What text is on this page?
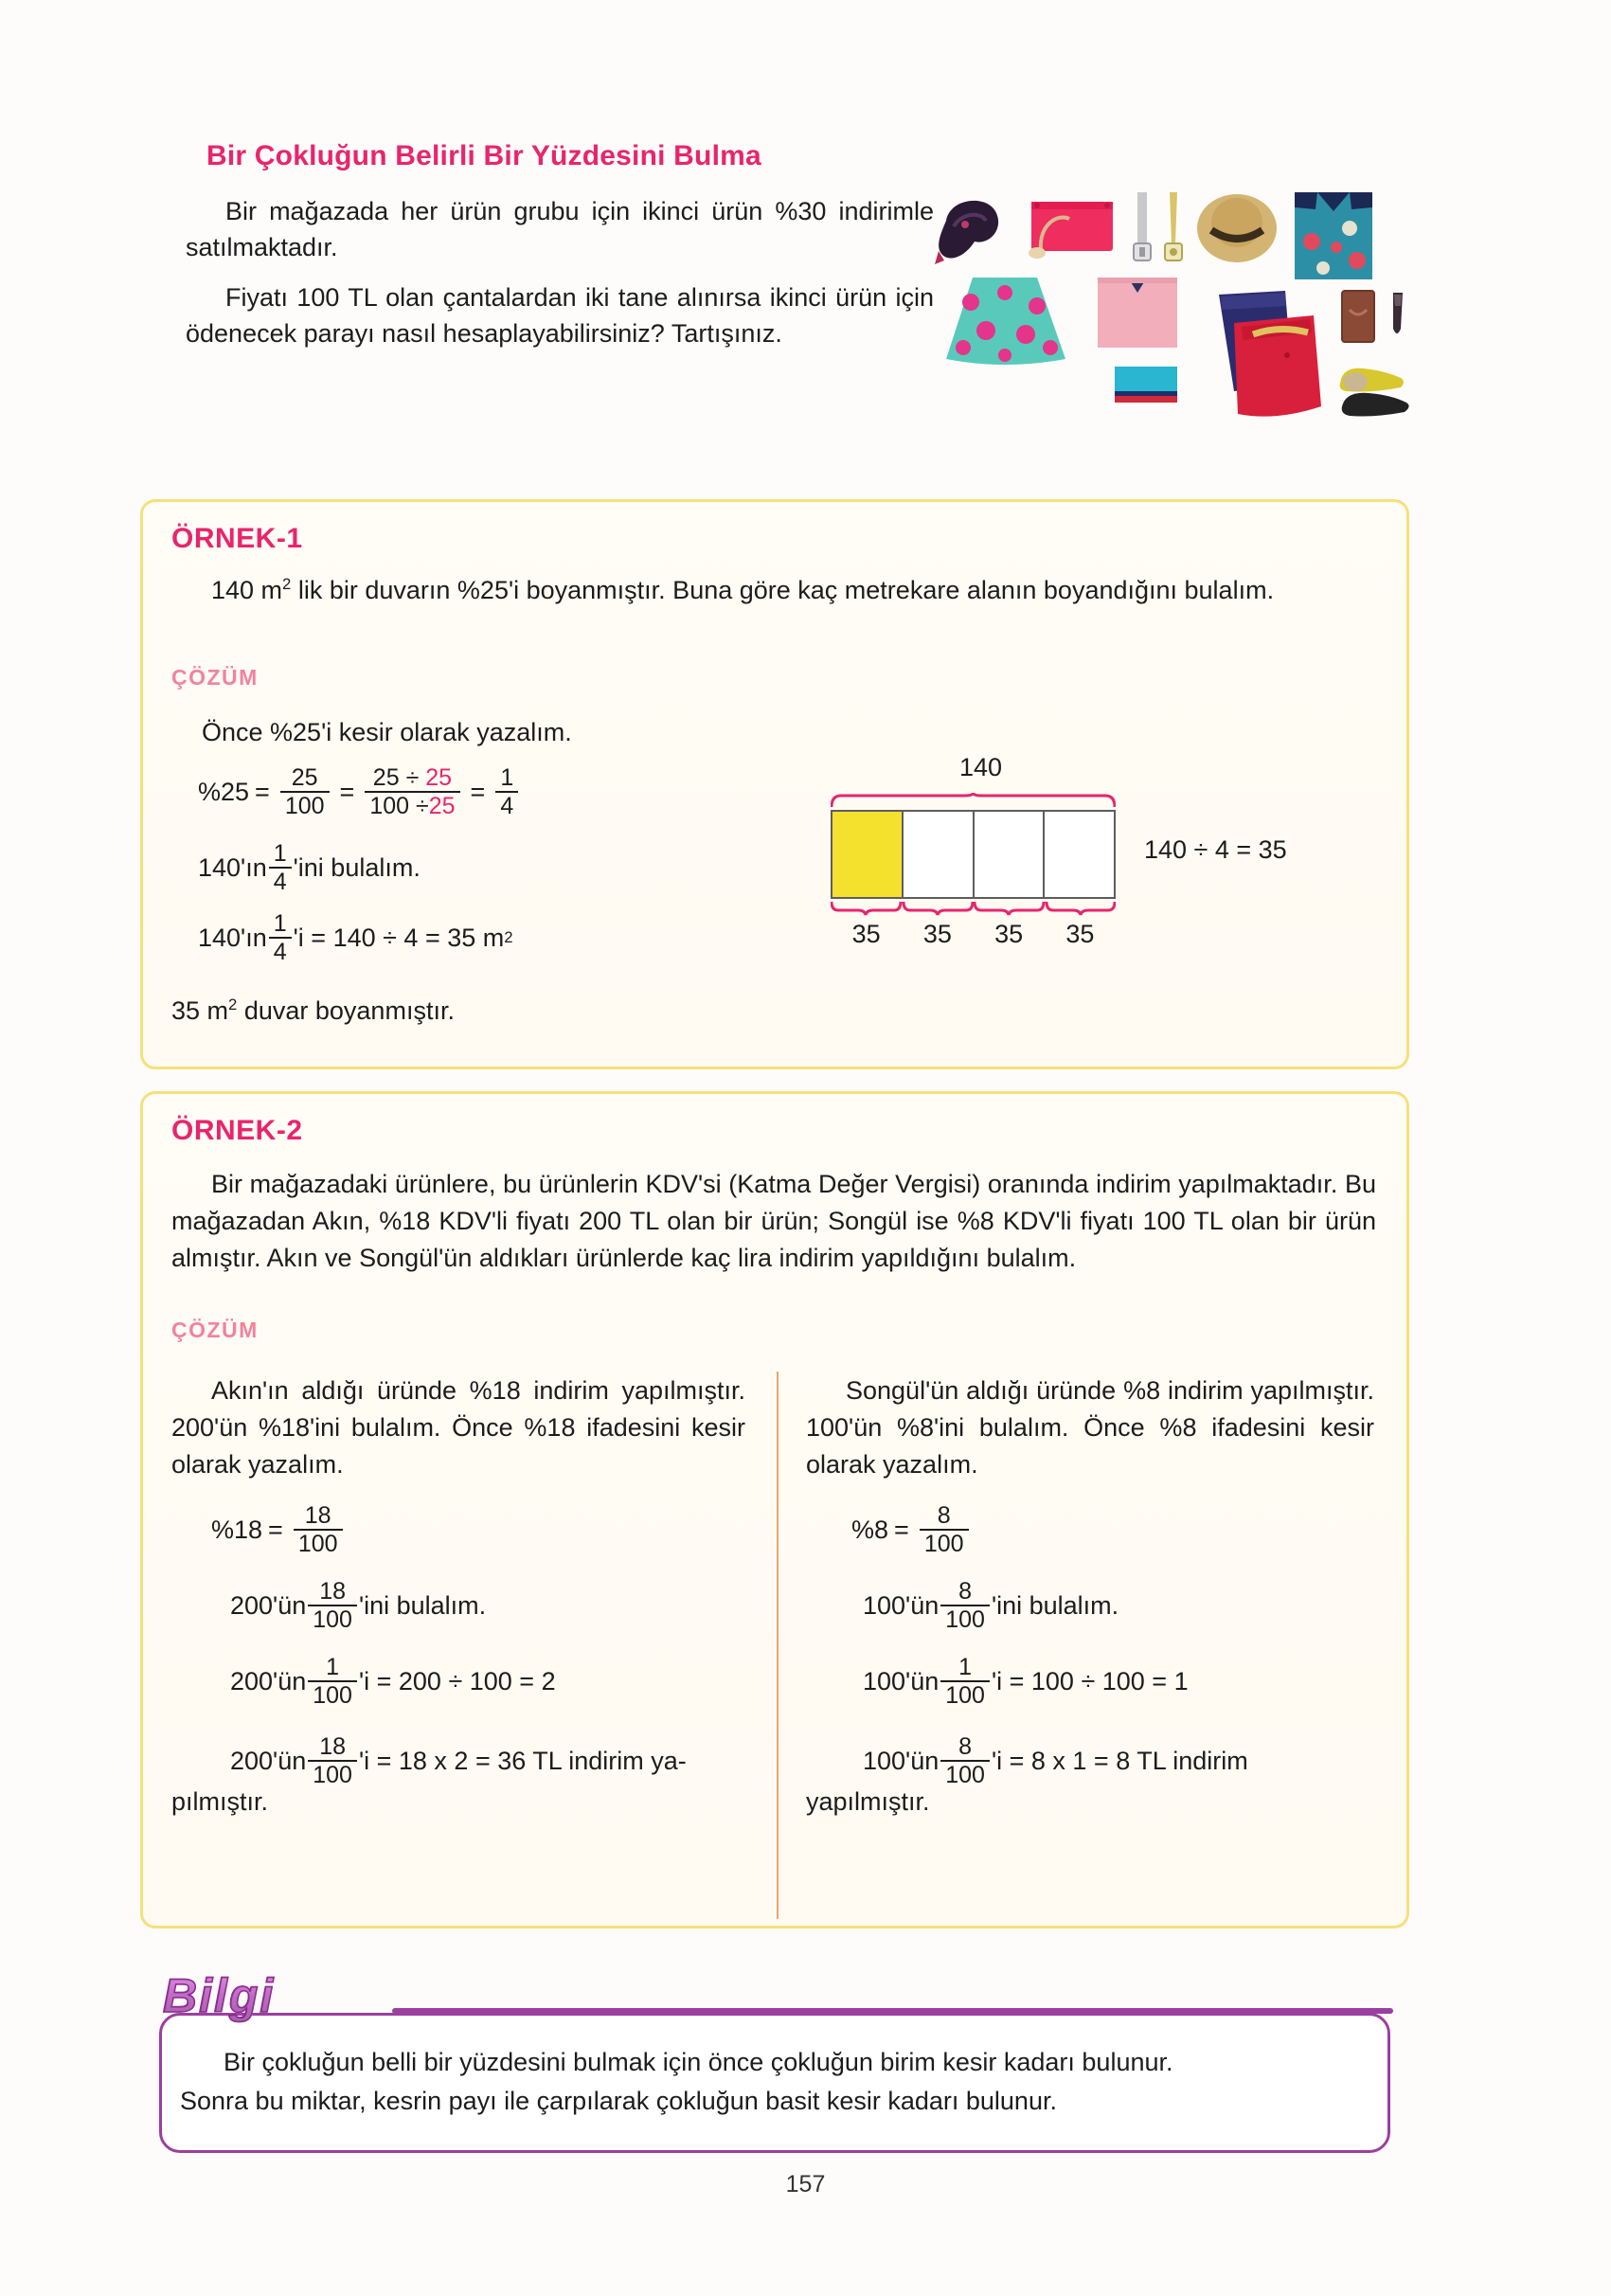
Bir Çokluğun Belirli Bir Yüzdesini Bulma

Bir mağazada her ürün grubu için ikinci ürün %30 indirimle satılmaktadır.

Fiyatı 100 TL olan çantalardan iki tane alınırsa ikinci ürün için ödenecek parayı nasıl hesaplayabilirsiniz? Tartışınız.

ÖRNEK-1
140 $m^2$ lik bir duvarın %25'i boyanmıştır. Buna göre kaç metrekare alanın boyandığını bulalım.
ÇÖZÜM
Önce %25'i kesir olarak yazalım.
$\%25 = \frac{25}{100} = \frac{25 \div 25}{100 \div 25} = \frac{1}{4}$
140'ın $\frac{1}{4}$ 'ini bulalım.
140'ın $\frac{1}{4}$ 'i = 140 ÷ 4 = 35 m 2
35 $m^2$ duvar boyanmıştır.
140
35	35	35	35
140 ÷ 4 = 35
ÖRNEK-2
Bir mağazadaki ürünlere, bu ürünlerin KDV'si (Katma Değer Vergisi) oranında indirim yapılmaktadır. Bu mağazadan Akın, %18 KDV'li fiyatı 200 TL olan bir ürün; Songül ise %8 KDV'li fiyatı 100 TL olan bir ürün almıştır. Akın ve Songül'ün aldıkları ürünlerde kaç lira indirim yapıldığını bulalım.
ÇÖZÜM
Akın'ın aldığı üründe %18 indirim yapılmıştır. 200'ün %18'ini bulalım. Önce %18 ifadesini kesir olarak yazalım.
$\%18 = \frac{18}{100}$
200'ün $\frac{18}{100}$ 'ini bulalım.
200'ün $\frac{1}{100}$ 'i = 200 ÷ 100 = 2
200'ün $\frac{18}{100}$ 'i = 18 x 2 = 36 TL indirim ya-
pılmıştır.
Songül'ün aldığı üründe %8 indirim yapılmıştır. 100'ün %8'ini bulalım. Önce %8 ifadesini kesir olarak yazalım.
$\%8 = \frac{8}{100}$
100'ün $\frac{8}{100}$ 'ini bulalım.
100'ün $\frac{1}{100}$ 'i = 100 ÷ 100 = 1
100'ün $\frac{8}{100}$ 'i = 8 x 1 = 8 TL indirim
yapılmıştır.
Bilgi

Bir çokluğun belli bir yüzdesini bulmak için önce çokluğun birim kesir kadarı bulunur.

Sonra bu miktar, kesrin payı ile çarpılarak çokluğun basit kesir kadarı bulunur.

157
